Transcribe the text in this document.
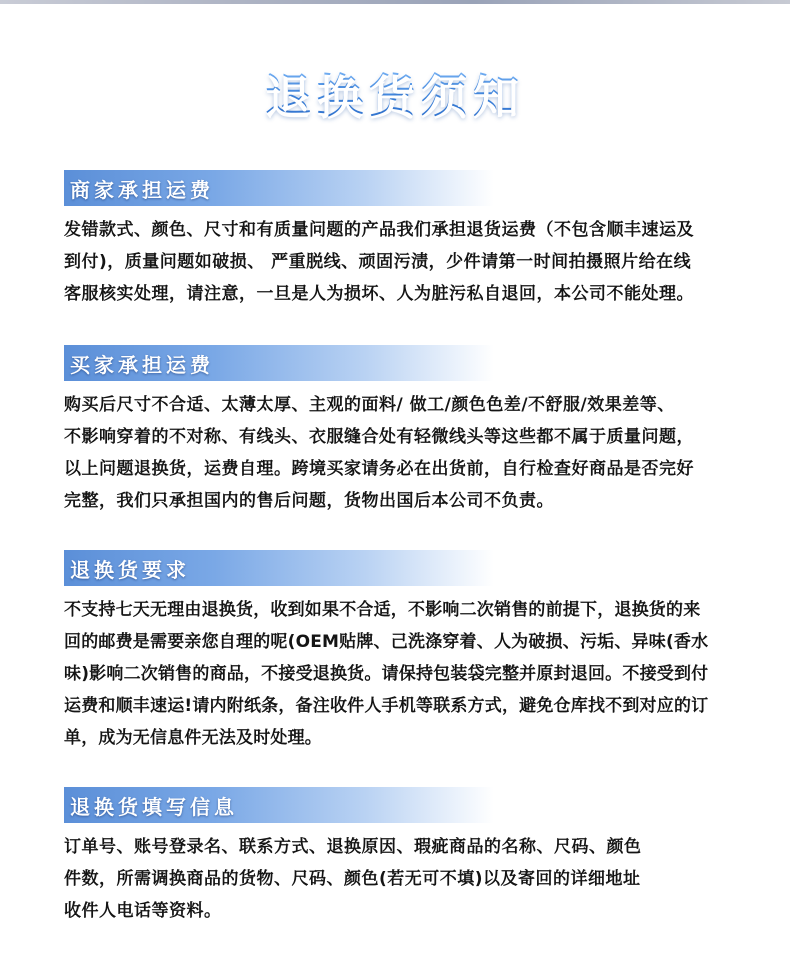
退换货须知
商家承担运费
发错款式、颜色、尺寸和有质量问题的产品我们承担退货运费（不包含顺丰速运及
到付)，质量问题如破损、 严重脱线、顽固污渍，少件请第一时间拍摄照片给在线
客服核实处理，请注意，一旦是人为损坏、人为脏污私自退回，本公司不能处理。
买家承担运费
购买后尺寸不合适、太薄太厚、主观的面料/ 做工/颜色色差/不舒服/效果差等、
不影响穿着的不对称、有线头、衣服缝合处有轻微线头等这些都不属于质量问题，
以上问题退换货，运费自理。跨境买家请务必在出货前，自行检查好商品是否完好
完整，我们只承担国内的售后问题，货物出国后本公司不负责。
退换货要求
不支持七天无理由退换货，收到如果不合适，不影响二次销售的前提下，退换货的来
回的邮费是需要亲您自理的呢(OEM贴牌、己洗涤穿着、人为破损、污垢、异味(香水
味)影响二次销售的商品，不接受退换货。请保持包装袋完整并原封退回。不接受到付
运费和顺丰速运!请内附纸条，备注收件人手机等联系方式，避免仓库找不到对应的订
单，成为无信息件无法及时处理。
退换货填写信息
订单号、账号登录名、联系方式、退换原因、瑕疵商品的名称、尺码、颜色
件数，所需调换商品的货物、尺码、颜色(若无可不填)以及寄回的详细地址
收件人电话等资料。
